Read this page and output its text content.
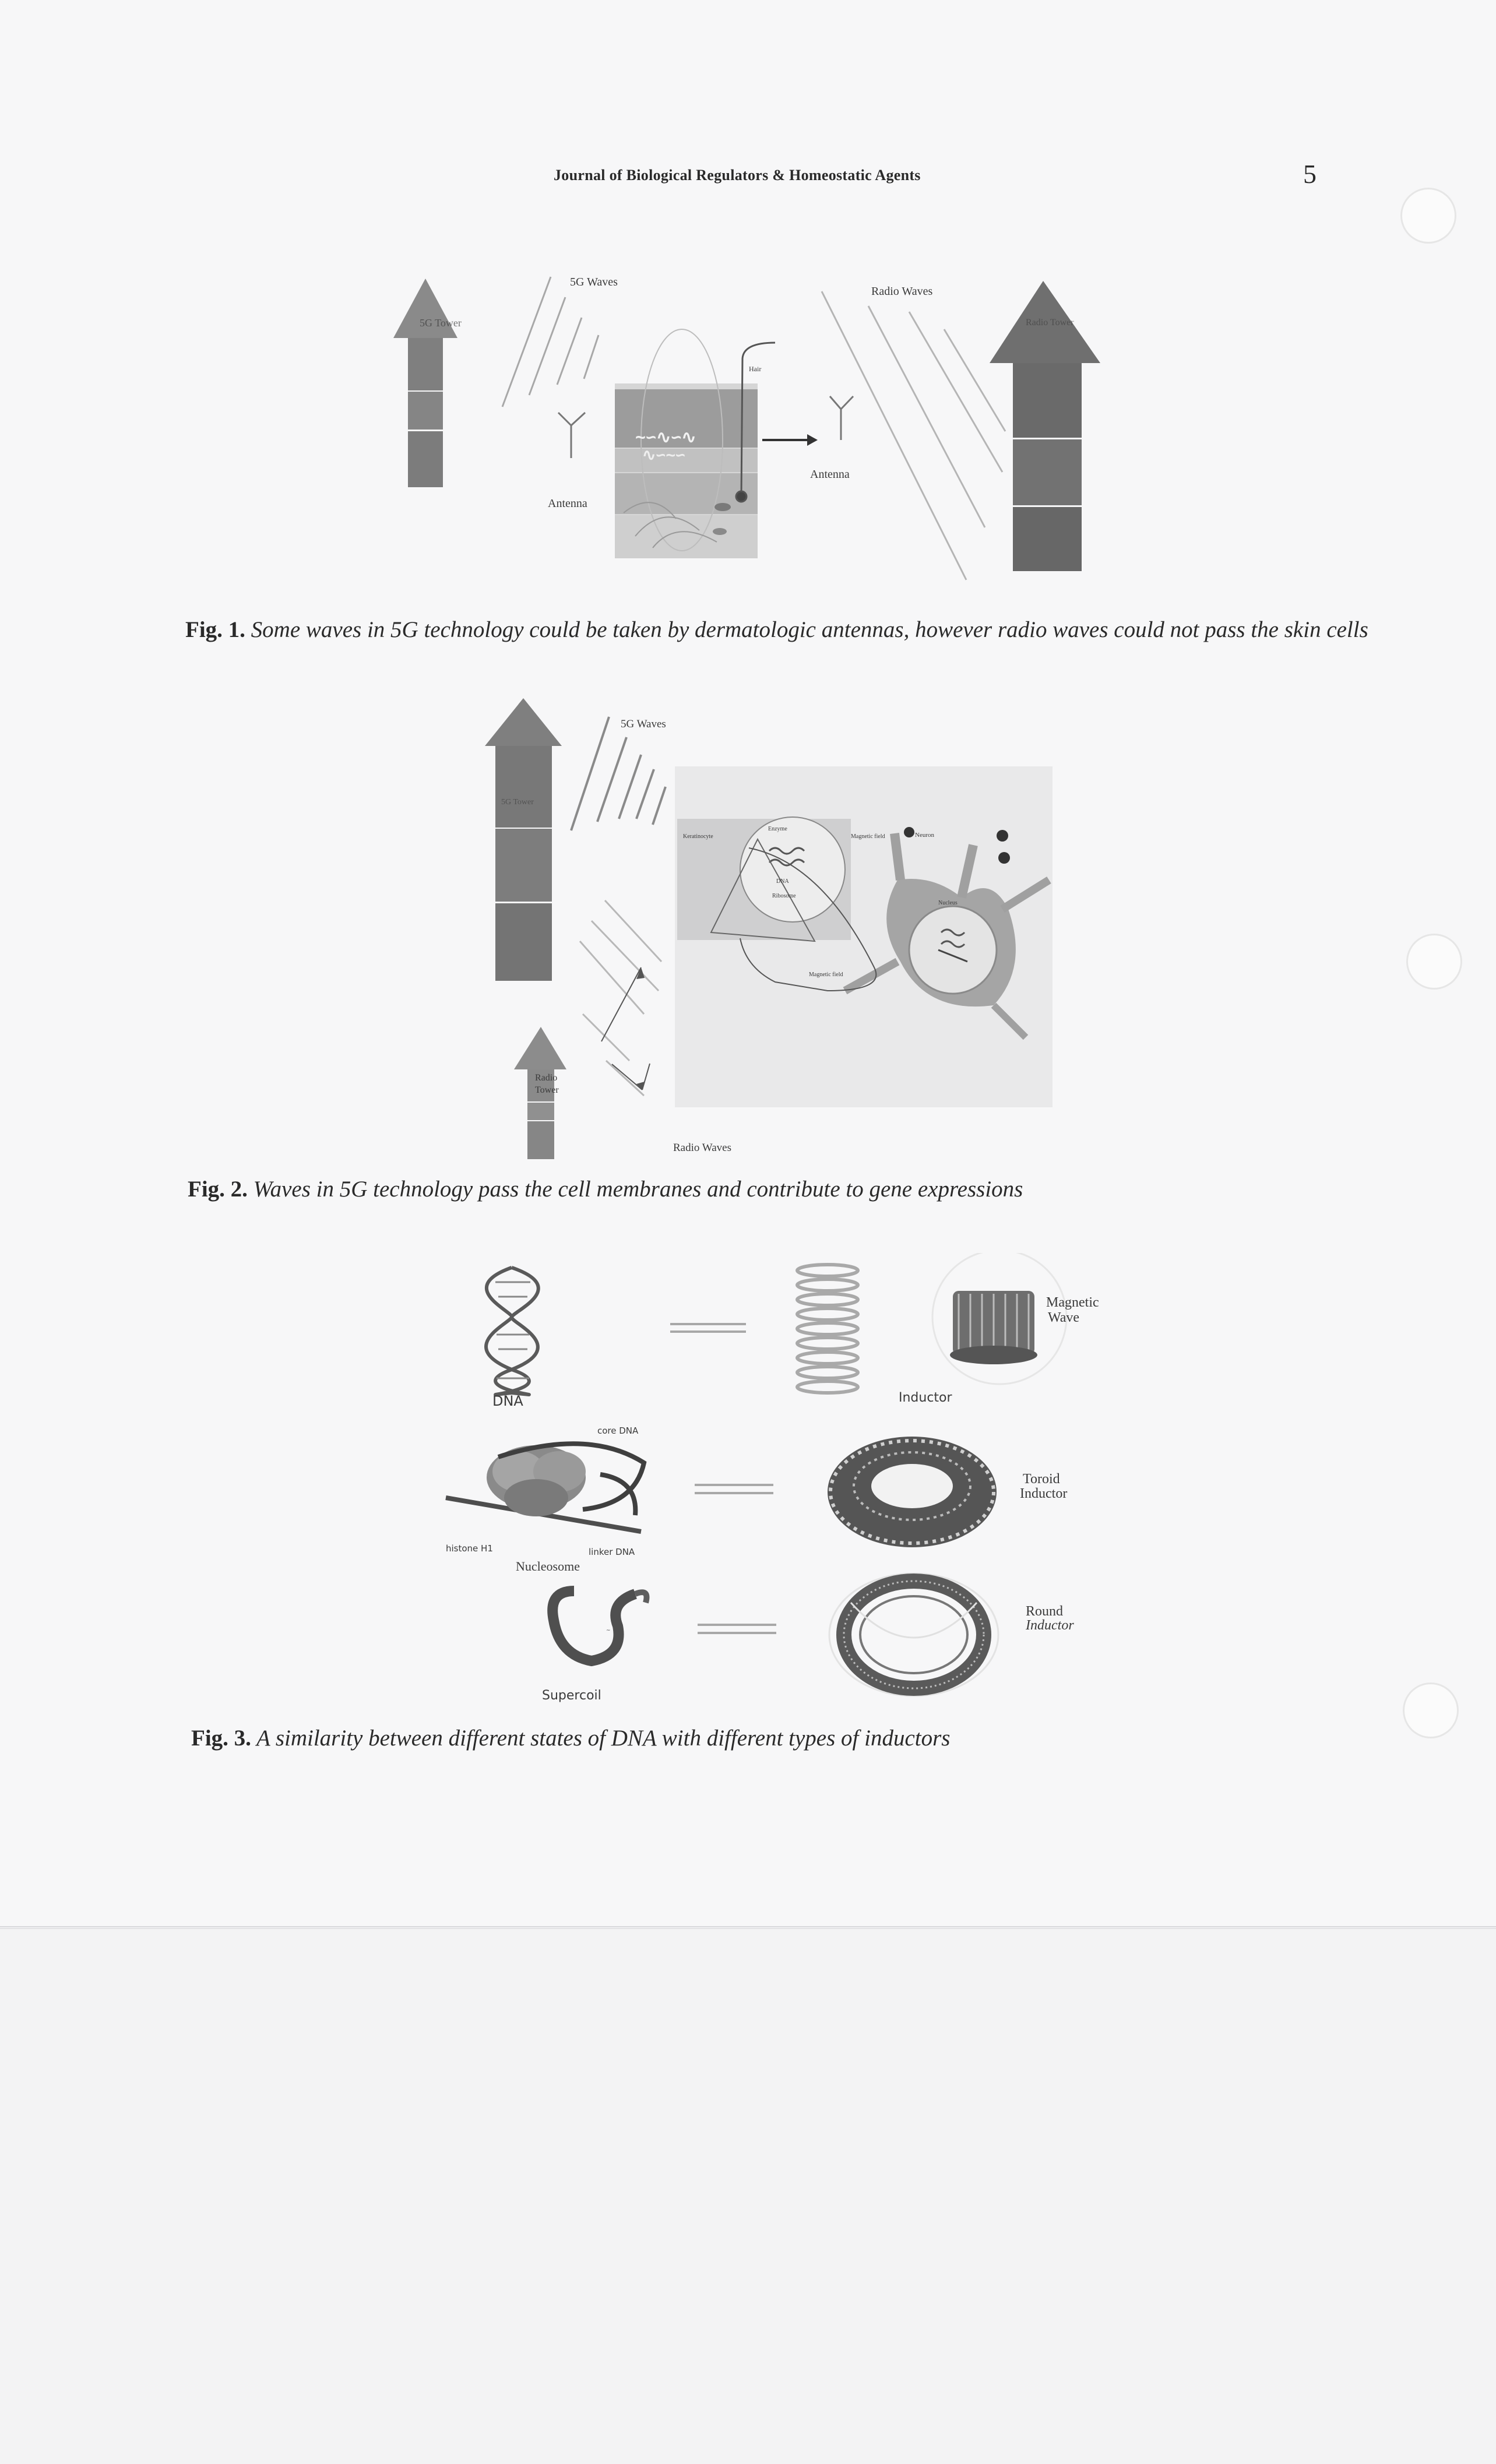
Journal of Biological Regulators & Homeostatic Agents	5
5G Tower
5G Waves
Antenna
~∽∿∽∿
∿∽~∽
Hair
Antenna
Radio Waves
Radio Tower
Fig. 1. Some waves in 5G technology could be taken by dermatologic antennas, however radio waves could not pass the skin cells
5G Tower
5G Waves
Keratinocyte
Enzyme
DNA
Ribosome
Magnetic field
Magnetic field
Neuron
Nucleus
Radio
Tower
Radio Waves
Fig. 2. Waves in 5G technology pass the cell membranes and contribute to gene expressions
DNA
Magnetic
Wave
Inductor
core DNA
histone H1	linker DNA
Nucleosome
Toroid
Inductor
~
Supercoil
Round
Inductor
Fig. 3. A similarity between different states of DNA with different types of inductors
